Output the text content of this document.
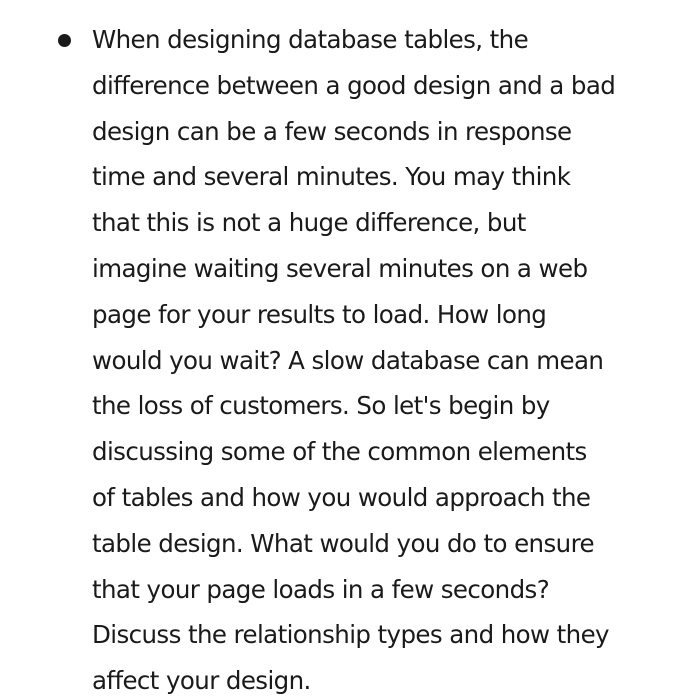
When designing database tables, the
difference between a good design and a bad
design can be a few seconds in response
time and several minutes. You may think
that this is not a huge difference, but
imagine waiting several minutes on a web
page for your results to load. How long
would you wait? A slow database can mean
the loss of customers. So let's begin by
discussing some of the common elements
of tables and how you would approach the
table design. What would you do to ensure
that your page loads in a few seconds?
Discuss the relationship types and how they
affect your design.
